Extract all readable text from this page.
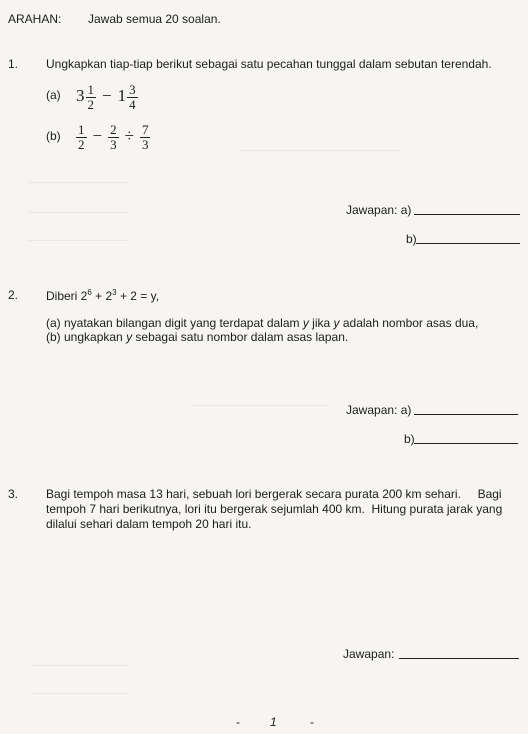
ARAHAN: Jawab semua 20 soalan.
1. Ungkapkan tiap-tiap berikut sebagai satu pecahan tunggal dalam sebutan terendah.
(a) $3 \frac{1}{2} - 1 \frac{3}{4}$
$(b) \frac{1}{2} - \frac{2}{3} \div \frac{7}{3}$
Jawapan: a)
b)
2. Diberi $2^6 + 2^3 + 2 = y$,
(a) nyatakan bilangan digit yang terdapat dalam y jika y adalah nombor asas dua,
(b) ungkapkan y sebagai satu nombor dalam asas lapan.
Jawapan: a)
b)
3. Bagi tempoh masa 13 hari, sebuah lori bergerak secara purata 200 km sehari.     Bagi
tempoh 7 hari berikutnya, lori itu bergerak sejumlah 400 km.  Hitung purata jarak yang
dilalui sehari dalam tempoh 20 hari itu.
Jawapan:
-	1	-
